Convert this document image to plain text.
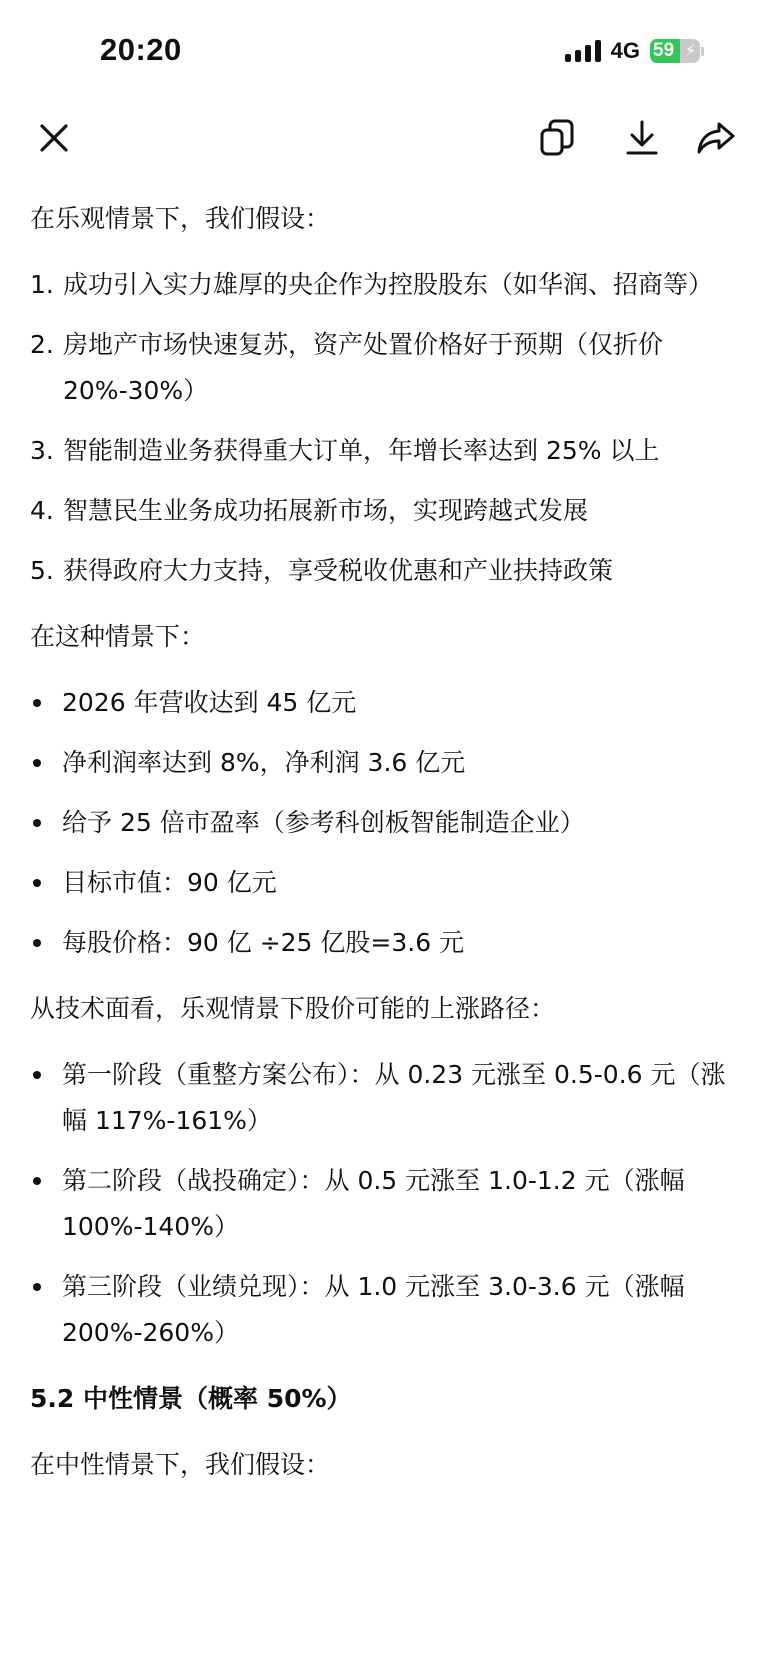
20:20	4G 59 ⚡

在乐观情景下，我们假设：

1. 成功引入实力雄厚的央企作为控股股东（如华润、招商等）
2. 房地产市场快速复苏，资产处置价格好于预期（仅折价 20%-30%）
3. 智能制造业务获得重大订单，年增长率达到 25% 以上
4. 智慧民生业务成功拓展新市场，实现跨越式发展
5. 获得政府大力支持，享受税收优惠和产业扶持政策

在这种情景下：

2026 年营收达到 45 亿元
净利润率达到 8%，净利润 3.6 亿元
给予 25 倍市盈率（参考科创板智能制造企业）
目标市值：90 亿元
每股价格：90 亿 ÷25 亿股=3.6 元

从技术面看，乐观情景下股价可能的上涨路径：

第一阶段（重整方案公布）：从 0.23 元涨至 0.5-0.6 元（涨幅 117%-161%）
第二阶段（战投确定）：从 0.5 元涨至 1.0-1.2 元（涨幅 100%-140%）
第三阶段（业绩兑现）：从 1.0 元涨至 3.0-3.6 元（涨幅 200%-260%）

5.2 中性情景（概率 50%）

在中性情景下，我们假设：
